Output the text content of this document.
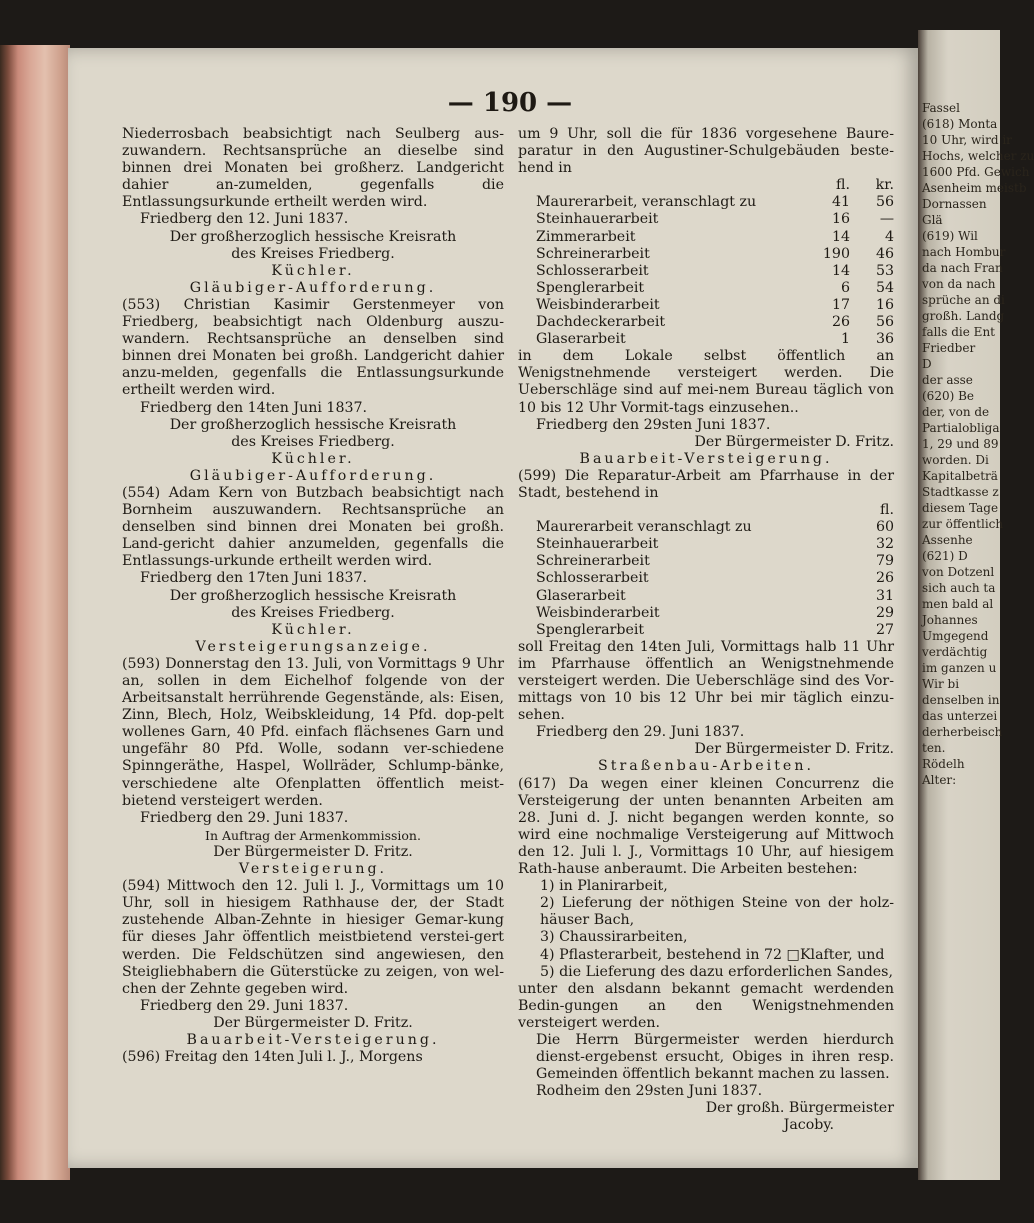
Fassel

(618) Monta

10 Uhr, wird ir

Hochs, welcher zu

1600 Pfd. Gewich

Asenheim meistb

Dornassen

Glä

(619) Wil

nach Hombur

da nach Fran

von da nach

sprüche an di

großh. Landg

falls die Ent

Friedber

D

der asse

(620) Be

der, von de

Partialobliga

1, 29 und 89

worden. Di

Kapitalbeträ

Stadtkasse z

diesem Tage

zur öffentlich

Assenhe

(621) D

von Dotzenl

sich auch ta

men bald al

Johannes

Umgegend

verdächtig

im ganzen u

Wir bi

denselben in

das unterzei

derherbeisch

ten.

Rödelh

Alter:

— 190 —

Niederrosbach beabsichtigt nach Seulberg aus-zuwandern. Rechtsansprüche an dieselbe sind binnen drei Monaten bei großherz. Landgericht dahier an-zumelden, gegenfalls die Entlassungsurkunde ertheilt werden wird.

Friedberg den 12. Juni 1837.

Der großherzoglich hessische Kreisrath

des Kreises Friedberg.

Küchler.

Gläubiger-Aufforderung.

(553) Christian Kasimir Gerstenmeyer von Friedberg, beabsichtigt nach Oldenburg auszu-wandern. Rechtsansprüche an denselben sind binnen drei Monaten bei großh. Landgericht dahier anzu-melden, gegenfalls die Entlassungsurkunde ertheilt werden wird.

Friedberg den 14ten Juni 1837.

Der großherzoglich hessische Kreisrath

des Kreises Friedberg.

Küchler.

Gläubiger-Aufforderung.

(554) Adam Kern von Butzbach beabsichtigt nach Bornheim auszuwandern. Rechtsansprüche an denselben sind binnen drei Monaten bei großh. Land-gericht dahier anzumelden, gegenfalls die Entlassungs-urkunde ertheilt werden wird.

Friedberg den 17ten Juni 1837.

Der großherzoglich hessische Kreisrath

des Kreises Friedberg.

Küchler.

Versteigerungsanzeige.

(593) Donnerstag den 13. Juli, von Vormittags 9 Uhr an, sollen in dem Eichelhof folgende von der Arbeitsanstalt herrührende Gegenstände, als: Eisen, Zinn, Blech, Holz, Weibskleidung, 14 Pfd. dop-pelt wollenes Garn, 40 Pfd. einfach flächsenes Garn und ungefähr 80 Pfd. Wolle, sodann ver-schiedene Spinngeräthe, Haspel, Wollräder, Schlump-bänke, verschiedene alte Ofenplatten öffentlich meist-bietend versteigert werden.

Friedberg den 29. Juni 1837.

In Auftrag der Armenkommission.

Der Bürgermeister D. Fritz.

Versteigerung.

(594) Mittwoch den 12. Juli l. J., Vormittags um 10 Uhr, soll in hiesigem Rathhause der, der Stadt zustehende Alban-Zehnte in hiesiger Gemar-kung für dieses Jahr öffentlich meistbietend verstei-gert werden. Die Feldschützen sind angewiesen, den Steigliebhabern die Güterstücke zu zeigen, von wel-chen der Zehnte gegeben wird.

Friedberg den 29. Juni 1837.

Der Bürgermeister D. Fritz.

Bauarbeit-Versteigerung.

(596) Freitag den 14ten Juli l. J., Morgens

um 9 Uhr, soll die für 1836 vorgesehene Baure-paratur in den Augustiner-Schulgebäuden beste-hend in

fl.	kr.
Maurerarbeit, veranschlagt zu	41	56
Steinhauerarbeit	16	—
Zimmerarbeit	14	4
Schreinerarbeit	190	46
Schlosserarbeit	14	53
Spenglerarbeit	6	54
Weisbinderarbeit	17	16
Dachdeckerarbeit	26	56
Glaserarbeit	1	36

in dem Lokale selbst öffentlich an Wenigstnehmende versteigert werden. Die Ueberschläge sind auf mei-nem Bureau täglich von 10 bis 12 Uhr Vormit-tags einzusehen..

Friedberg den 29sten Juni 1837.

Der Bürgermeister D. Fritz.

Bauarbeit-Versteigerung.

(599) Die Reparatur-Arbeit am Pfarrhause in der Stadt, bestehend in

fl.
Maurerarbeit veranschlagt zu	60
Steinhauerarbeit	32
Schreinerarbeit	79
Schlosserarbeit	26
Glaserarbeit	31
Weisbinderarbeit	29
Spenglerarbeit	27

soll Freitag den 14ten Juli, Vormittags halb 11 Uhr im Pfarrhause öffentlich an Wenigstnehmende versteigert werden. Die Ueberschläge sind des Vor-mittags von 10 bis 12 Uhr bei mir täglich einzu-sehen.

Friedberg den 29. Juni 1837.

Der Bürgermeister D. Fritz.

Straßenbau-Arbeiten.

(617) Da wegen einer kleinen Concurrenz die Versteigerung der unten benannten Arbeiten am 28. Juni d. J. nicht begangen werden konnte, so wird eine nochmalige Versteigerung auf Mittwoch den 12. Juli l. J., Vormittags 10 Uhr, auf hiesigem Rath-hause anberaumt. Die Arbeiten bestehen:

1) in Planirarbeit,

2) Lieferung der nöthigen Steine von der holz-häuser Bach,

3) Chaussirarbeiten,

4) Pflasterarbeit, bestehend in 72 □Klafter, und

5) die Lieferung des dazu erforderlichen Sandes,

unter den alsdann bekannt gemacht werdenden Bedin-gungen an den Wenigstnehmenden versteigert werden.

Die Herrn Bürgermeister werden hierdurch dienst-ergebenst ersucht, Obiges in ihren resp. Gemeinden öffentlich bekannt machen zu lassen.

Rodheim den 29sten Juni 1837.

Der großh. Bürgermeister

Jacoby.
